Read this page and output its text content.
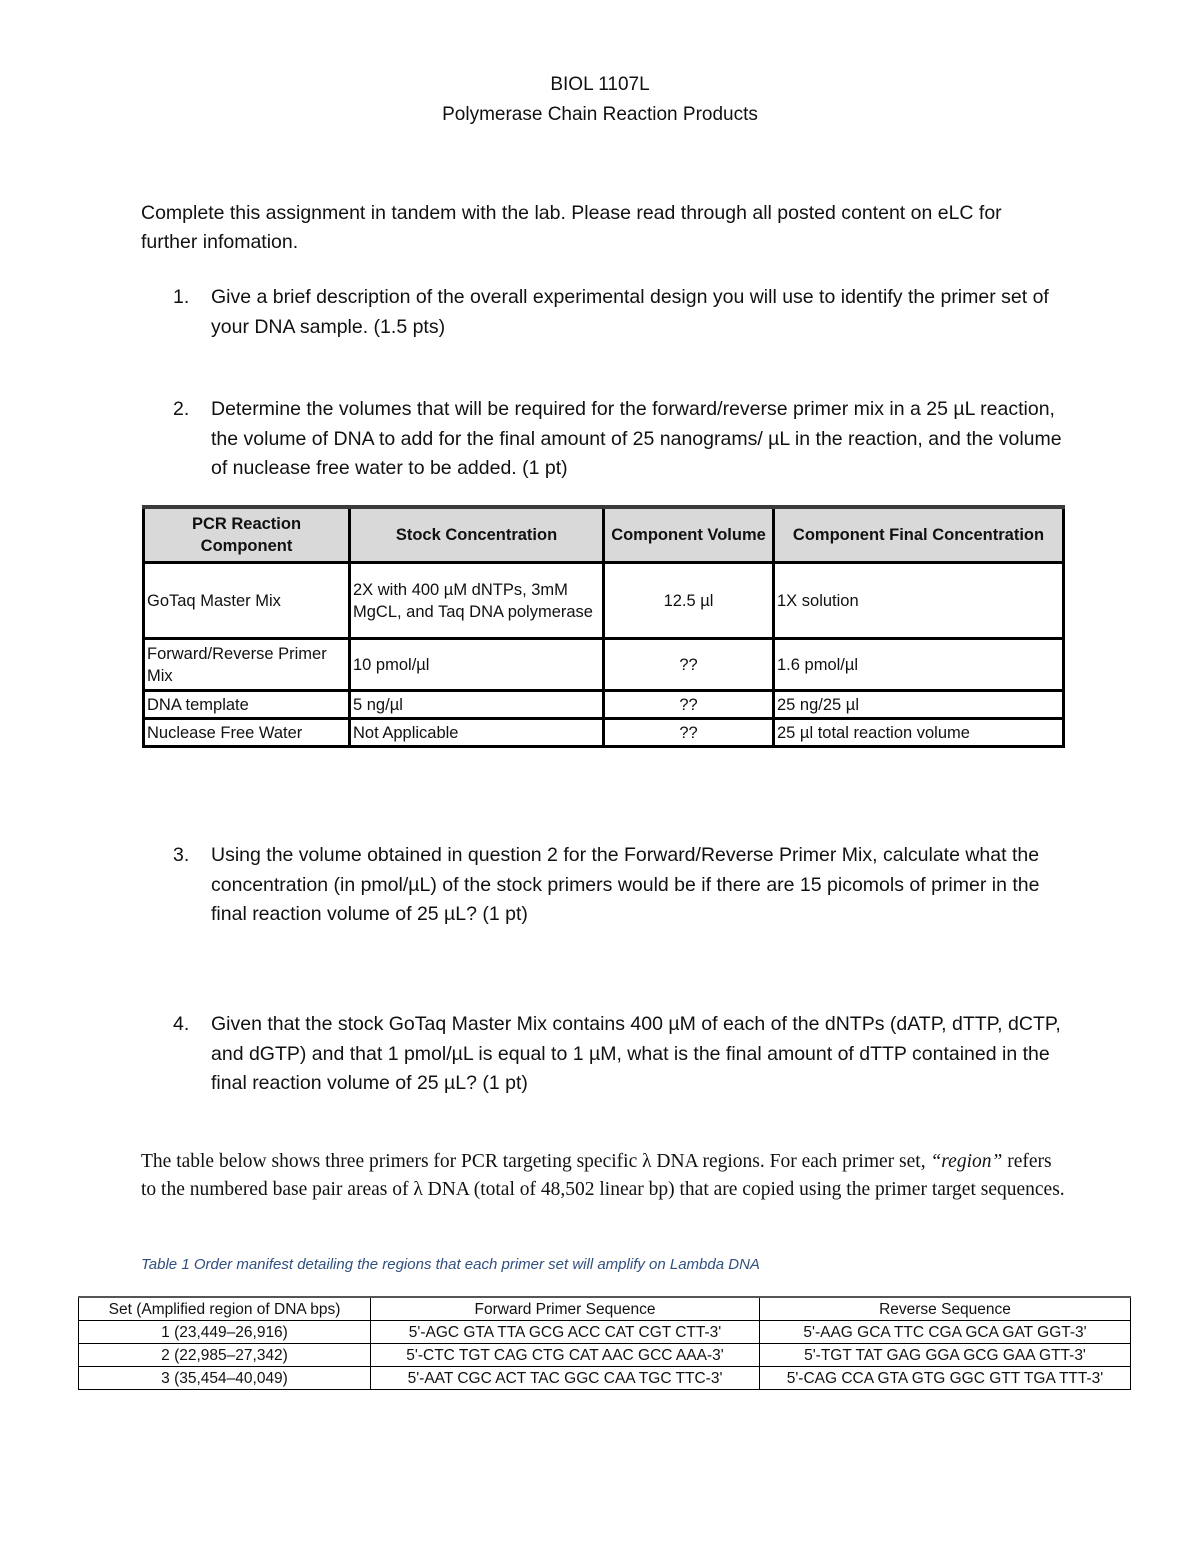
BIOL 1107L
Polymerase Chain Reaction Products

Complete this assignment in tandem with the lab. Please read through all posted content on eLC for further infomation.

1.	Give a brief description of the overall experimental design you will use to identify the primer set of your DNA sample. (1.5 pts)
2.	Determine the volumes that will be required for the forward/reverse primer mix in a 25 µL reaction, the volume of DNA to add for the final amount of 25 nanograms/ µL in the reaction, and the volume of nuclease free water to be added. (1 pt)
PCR Reaction Component	Stock Concentration	Component Volume	Component Final Concentration
GoTaq Master Mix	2X with 400 µM dNTPs, 3mM MgCL, and Taq DNA polymerase	12.5 µl	1X solution
Forward/Reverse Primer Mix	10 pmol/µl	??	1.6 pmol/µl
DNA template	5 ng/µl	??	25 ng/25 µl
Nuclease Free Water	Not Applicable	??	25 µl total reaction volume
3.	Using the volume obtained in question 2 for the Forward/Reverse Primer Mix, calculate what the concentration (in pmol/µL) of the stock primers would be if there are 15 picomols of primer in the final reaction volume of 25 µL? (1 pt)
4.	Given that the stock GoTaq Master Mix contains 400 µM of each of the dNTPs (dATP, dTTP, dCTP, and dGTP) and that 1 pmol/µL is equal to 1 µM, what is the final amount of dTTP contained in the final reaction volume of 25 µL? (1 pt)

The table below shows three primers for PCR targeting specific λ DNA regions. For each primer set, “region” refers to the numbered base pair areas of λ DNA (total of 48,502 linear bp) that are copied using the primer target sequences.

Table 1 Order manifest detailing the regions that each primer set will amplify on Lambda DNA
Set (Amplified region of DNA bps)	Forward Primer Sequence	Reverse Sequence
1 (23,449–26,916)	5'-AGC GTA TTA GCG ACC CAT CGT CTT-3'	5'-AAG GCA TTC CGA GCA GAT GGT-3'
2 (22,985–27,342)	5'-CTC TGT CAG CTG CAT AAC GCC AAA-3'	5'-TGT TAT GAG GGA GCG GAA GTT-3'
3 (35,454–40,049)	5'-AAT CGC ACT TAC GGC CAA TGC TTC-3'	5'-CAG CCA GTA GTG GGC GTT TGA TTT-3'
